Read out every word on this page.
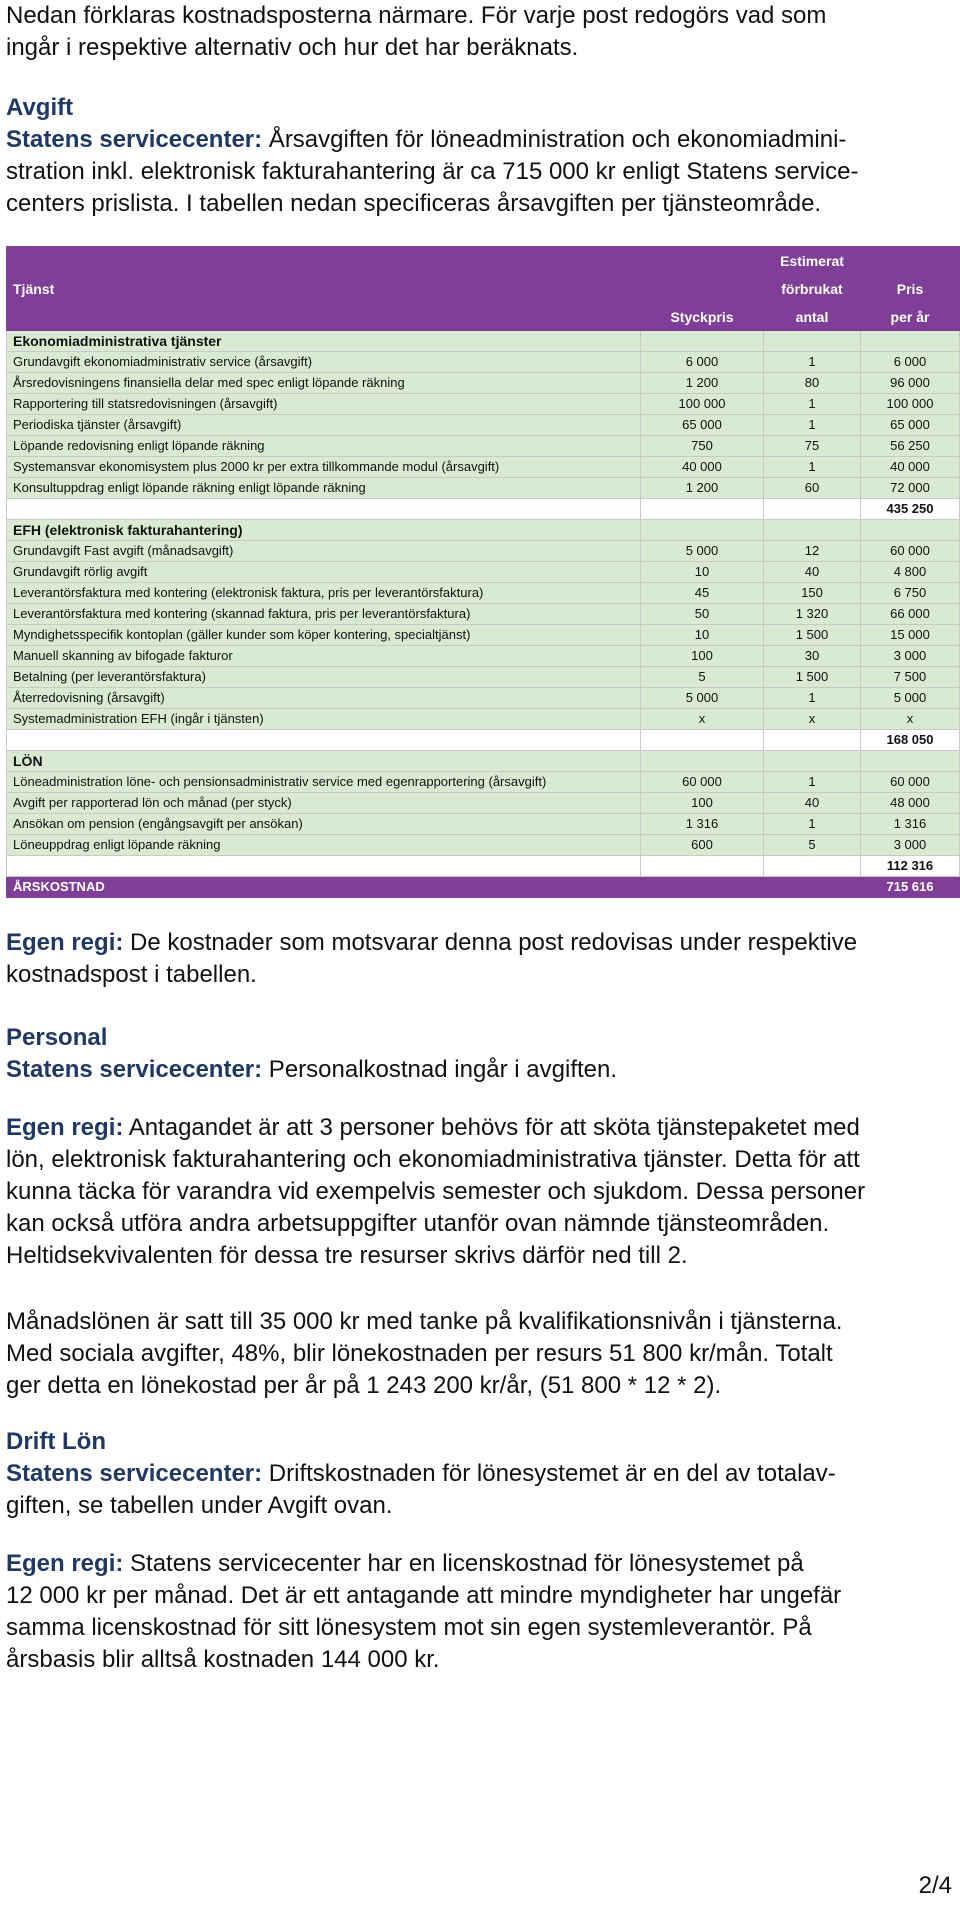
Nedan förklaras kostnadsposterna närmare. För varje post redogörs vad som
ingår i respektive alternativ och hur det har beräknats.

Avgift

Statens servicecenter: Årsavgiften för löneadministration och ekonomiadmini-
stration inkl. elektronisk fakturahantering är ca 715 000 kr enligt Statens service-
centers prislista. I tabellen nedan specificeras årsavgiften per tjänsteområde.

		Estimerat	
Tjänst		förbrukat	Pris
	Styckpris	antal	per år
Ekonomiadministrativa tjänster			
Grundavgift ekonomiadministrativ service (årsavgift)	6 000	1	6 000
Årsredovisningens finansiella delar med spec enligt löpande räkning	1 200	80	96 000
Rapportering till statsredovisningen (årsavgift)	100 000	1	100 000
Periodiska tjänster (årsavgift)	65 000	1	65 000
Löpande redovisning enligt löpande räkning	750	75	56 250
Systemansvar ekonomisystem plus 2000 kr per extra tillkommande modul (årsavgift)	40 000	1	40 000
Konsultuppdrag enligt löpande räkning enligt löpande räkning	1 200	60	72 000
			435 250
EFH (elektronisk fakturahantering)			
Grundavgift Fast avgift (månadsavgift)	5 000	12	60 000
Grundavgift rörlig avgift	10	40	4 800
Leverantörsfaktura med kontering (elektronisk faktura, pris per leverantörsfaktura)	45	150	6 750
Leverantörsfaktura med kontering (skannad faktura, pris per leverantörsfaktura)	50	1 320	66 000
Myndighetsspecifik kontoplan (gäller kunder som köper kontering, specialtjänst)	10	1 500	15 000
Manuell skanning av bifogade fakturor	100	30	3 000
Betalning (per leverantörsfaktura)	5	1 500	7 500
Återredovisning (årsavgift)	5 000	1	5 000
Systemadministration EFH (ingår i tjänsten)	x	x	x
			168 050
LÖN			
Löneadministration löne- och pensionsadministrativ service med egenrapportering (årsavgift)	60 000	1	60 000
Avgift per rapporterad lön och månad (per styck)	100	40	48 000
Ansökan om pension (engångsavgift per ansökan)	1 316	1	1 316
Löneuppdrag enligt löpande räkning	600	5	3 000
			112 316
ÅRSKOSTNAD			715 616

Egen regi: De kostnader som motsvarar denna post redovisas under respektive
kostnadspost i tabellen.

Personal

Statens servicecenter: Personalkostnad ingår i avgiften.

Egen regi: Antagandet är att 3 personer behövs för att sköta tjänstepaketet med
lön, elektronisk fakturahantering och ekonomiadministrativa tjänster. Detta för att
kunna täcka för varandra vid exempelvis semester och sjukdom. Dessa personer
kan också utföra andra arbetsuppgifter utanför ovan nämnde tjänsteområden.
Heltidsekvivalenten för dessa tre resurser skrivs därför ned till 2.

Månadslönen är satt till 35 000 kr med tanke på kvalifikationsnivån i tjänsterna.
Med sociala avgifter, 48%, blir lönekostnaden per resurs 51 800 kr/mån. Totalt
ger detta en lönekostad per år på 1 243 200 kr/år, (51 800 * 12 * 2).

Drift Lön

Statens servicecenter: Driftskostnaden för lönesystemet är en del av totalav-
giften, se tabellen under Avgift ovan.

Egen regi: Statens servicecenter har en licenskostnad för lönesystemet på
12 000 kr per månad. Det är ett antagande att mindre myndigheter har ungefär
samma licenskostnad för sitt lönesystem mot sin egen systemleverantör. På
årsbasis blir alltså kostnaden 144 000 kr.

2/4
